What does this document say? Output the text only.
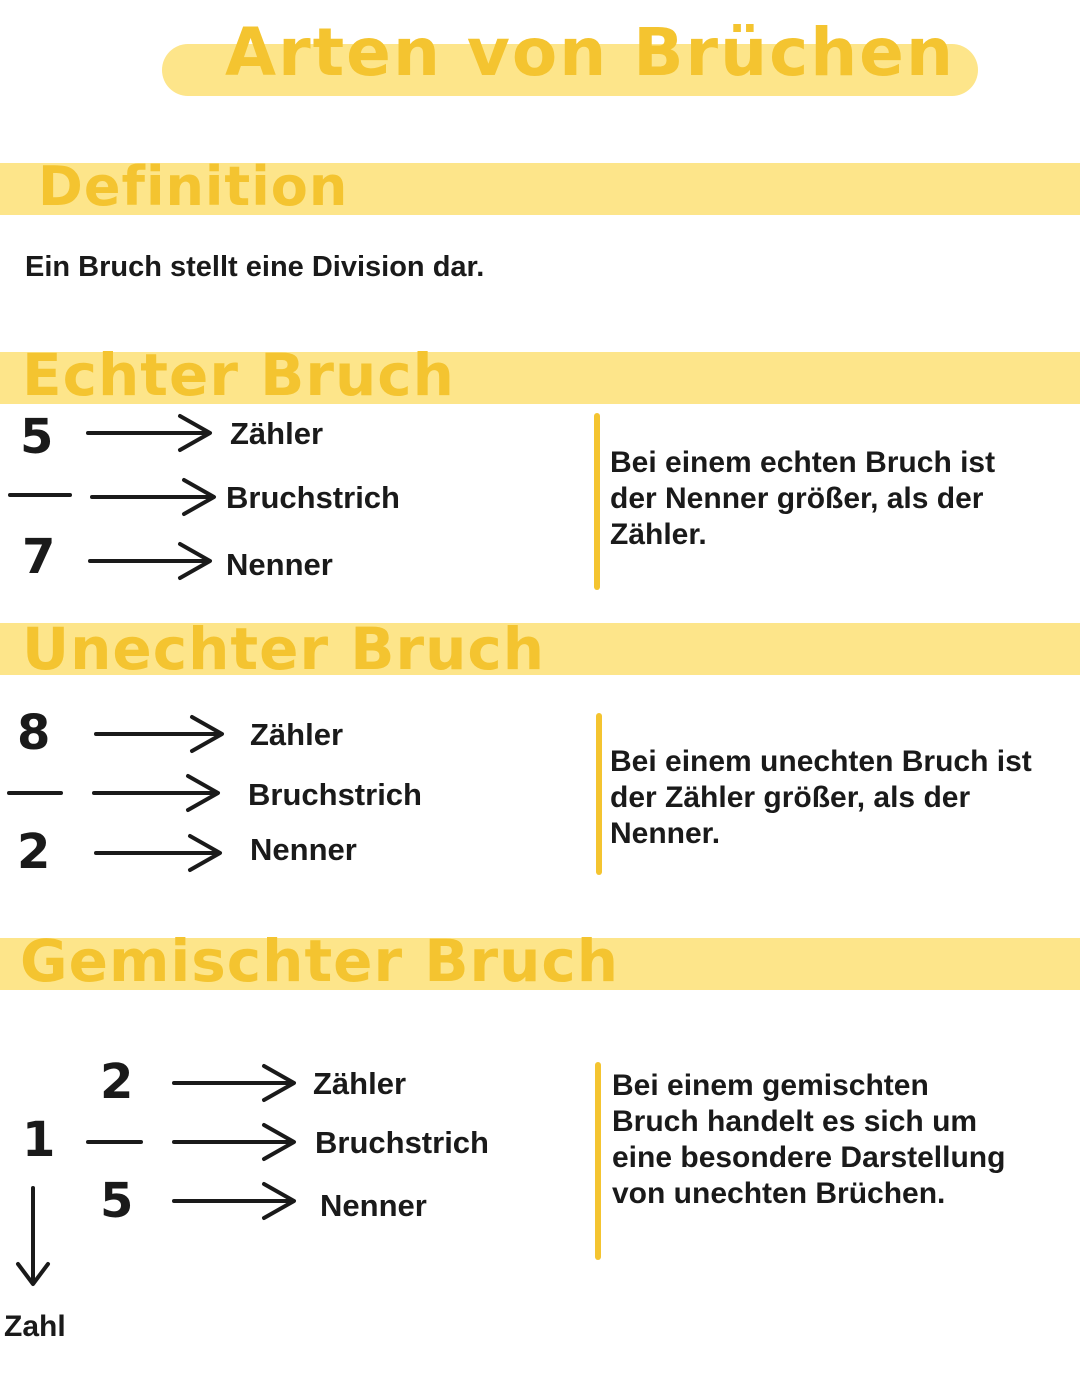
Arten von Brüchen
Definition
Ein Bruch stellt eine Division dar.
Echter Bruch
5
7
Zähler
Bruchstrich
Nenner
Bei einem echten Bruch ist der Nenner größer, als der Zähler.
Unechter Bruch
8
2
Zähler
Bruchstrich
Nenner
Bei einem unechten Bruch ist der Zähler größer, als der Nenner.
Gemischter Bruch
1
2
5
Zahl
Zähler
Bruchstrich
Nenner
Bei einem gemischten Bruch handelt es sich um eine besondere Darstellung von unechten Brüchen.
